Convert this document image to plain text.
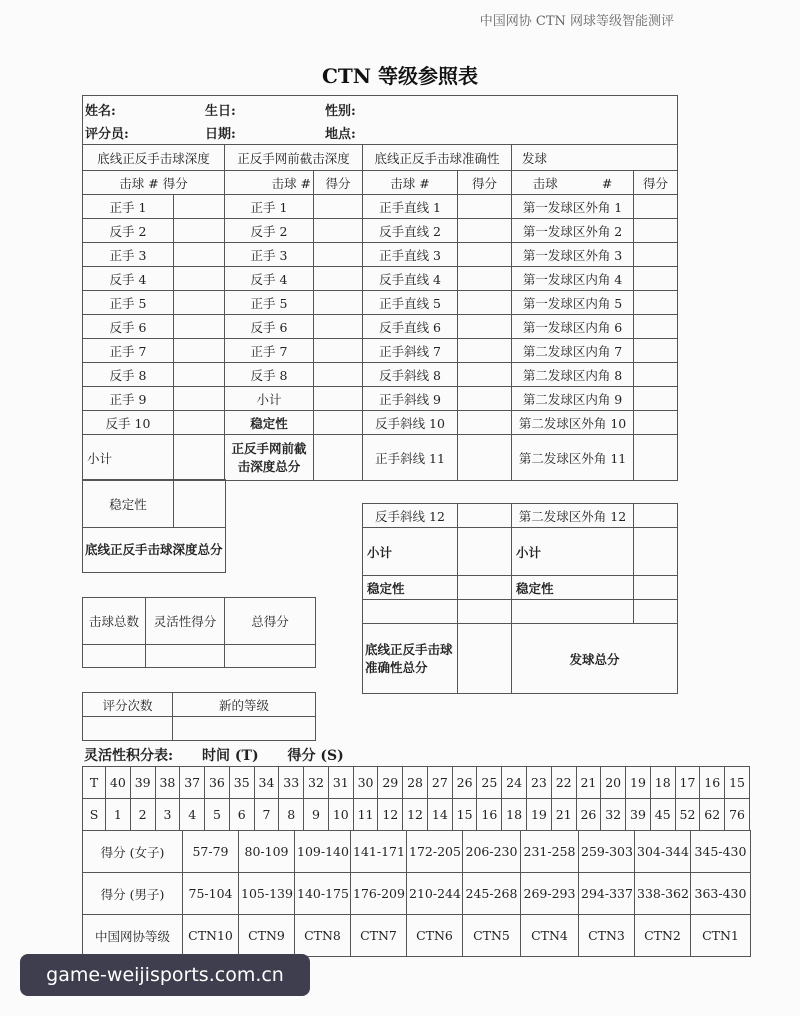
中国网协 CTN 网球等级智能测评
CTN 等级参照表
姓名:	生日:	性别:
评分员:	日期:	地点:
底线正反手击球深度		正反手网前截击深度		底线正反手击球准确性		发球	
击球 # 得分		击球 #	得分	击球 #	得分	击球 #	得分
正手 1		正手 1		正手直线 1		第一发球区外角 1	
反手 2		反手 2		反手直线 2		第一发球区外角 2	
正手 3		正手 3		正手直线 3		第一发球区外角 3	
反手 4		反手 4		反手直线 4		第一发球区内角 4	
正手 5		正手 5		正手直线 5		第一发球区内角 5	
反手 6		反手 6		反手直线 6		第一发球区内角 6	
正手 7		正手 7		正手斜线 7		第二发球区内角 7	
反手 8		反手 8		反手斜线 8		第二发球区内角 8	
正手 9		小计		正手斜线 9		第二发球区内角 9	
反手 10		稳定性		反手斜线 10		第二发球区外角 10	
小计		正反手网前截击深度总分		正手斜线 11		第二发球区外角 11	
稳定性	
底线正反手击球深度总分
反手斜线 12		第二发球区外角 12	
小计		小计	
稳定性		稳定性	

底线正反手击球准确性总分		发球总分	
击球总数	灵活性得分	总得分

评分次数	新的等级

灵活性积分表: 时间 (T) 得分 (S)
T	40	39	38	37	36	35	34	33	32	31	30	29	28	27	26	25	24	23	22	21	20	19	18	17	16	15
S	1	2	3	4	5	6	7	8	9	10	11	12	12	14	15	16	18	19	21	26	32	39	45	52	62	76
得分 (女子)	57-79	80-109	109-140	141-171	172-205	206-230	231-258	259-303	304-344	345-430
得分 (男子)	75-104	105-139	140-175	176-209	210-244	245-268	269-293	294-337	338-362	363-430
中国网协等级	CTN10	CTN9	CTN8	CTN7	CTN6	CTN5	CTN4	CTN3	CTN2	CTN1
game-weijisports.com.cn
